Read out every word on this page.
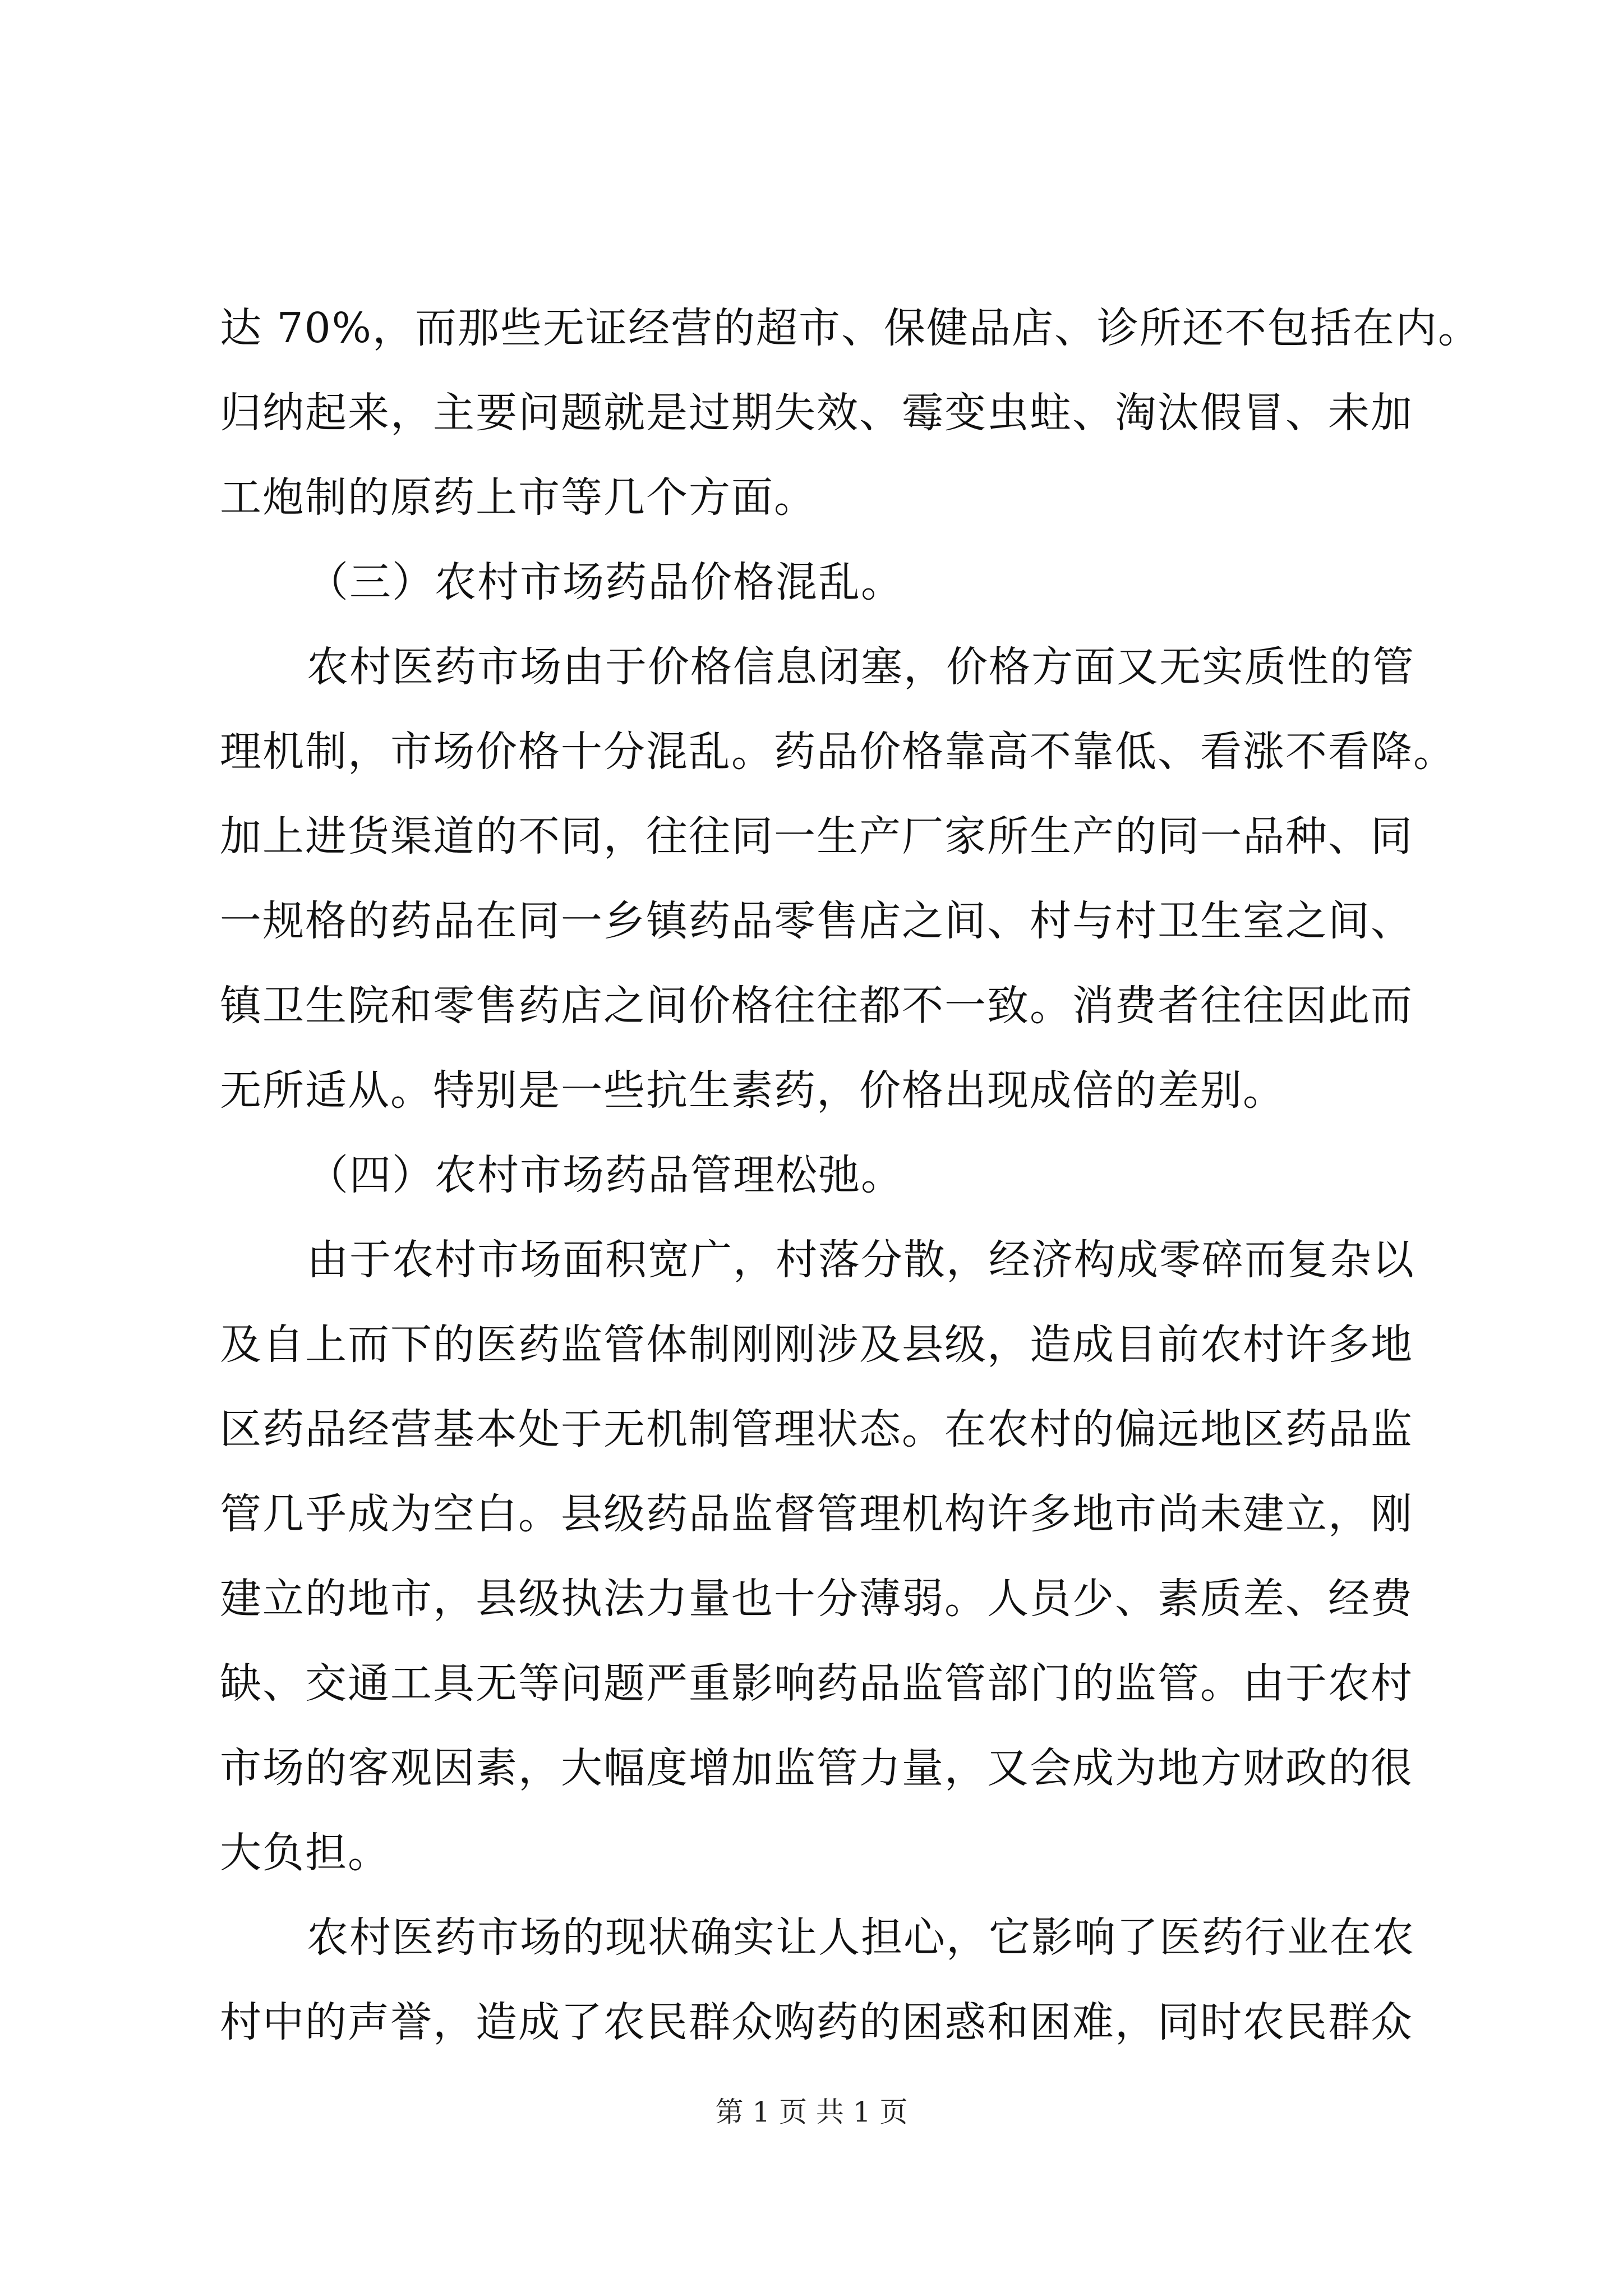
达 70%，而那些无证经营的超市、保健品店、诊所还不包括在内。
归纳起来，主要问题就是过期失效、霉变虫蛀、淘汰假冒、未加
工炮制的原药上市等几个方面。
（三）农村市场药品价格混乱。
农村医药市场由于价格信息闭塞，价格方面又无实质性的管
理机制，市场价格十分混乱。药品价格靠高不靠低、看涨不看降。
加上进货渠道的不同，往往同一生产厂家所生产的同一品种、同
一规格的药品在同一乡镇药品零售店之间、村与村卫生室之间、
镇卫生院和零售药店之间价格往往都不一致。消费者往往因此而
无所适从。特别是一些抗生素药，价格出现成倍的差别。
（四）农村市场药品管理松弛。
由于农村市场面积宽广，村落分散，经济构成零碎而复杂以
及自上而下的医药监管体制刚刚涉及县级，造成目前农村许多地
区药品经营基本处于无机制管理状态。在农村的偏远地区药品监
管几乎成为空白。县级药品监督管理机构许多地市尚未建立，刚
建立的地市，县级执法力量也十分薄弱。人员少、素质差、经费
缺、交通工具无等问题严重影响药品监管部门的监管。由于农村
市场的客观因素，大幅度增加监管力量，又会成为地方财政的很
大负担。
农村医药市场的现状确实让人担心，它影响了医药行业在农
村中的声誉，造成了农民群众购药的困惑和困难，同时农民群众
第 1 页 共 1 页
